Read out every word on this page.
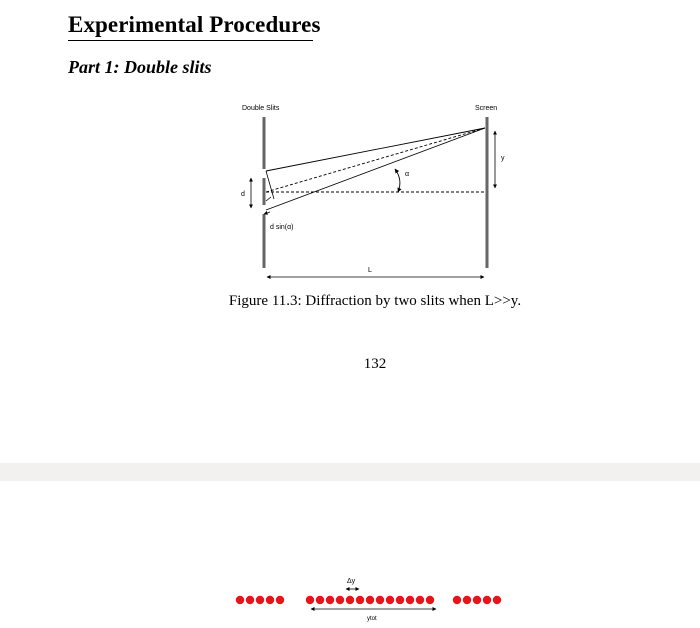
Experimental Procedures
Part 1: Double slits
Double Slits	Screen
d sin(α)
d
α
y
L
Δy
ytot
Figure 11.3: Diffraction by two slits when L>>y.
132
